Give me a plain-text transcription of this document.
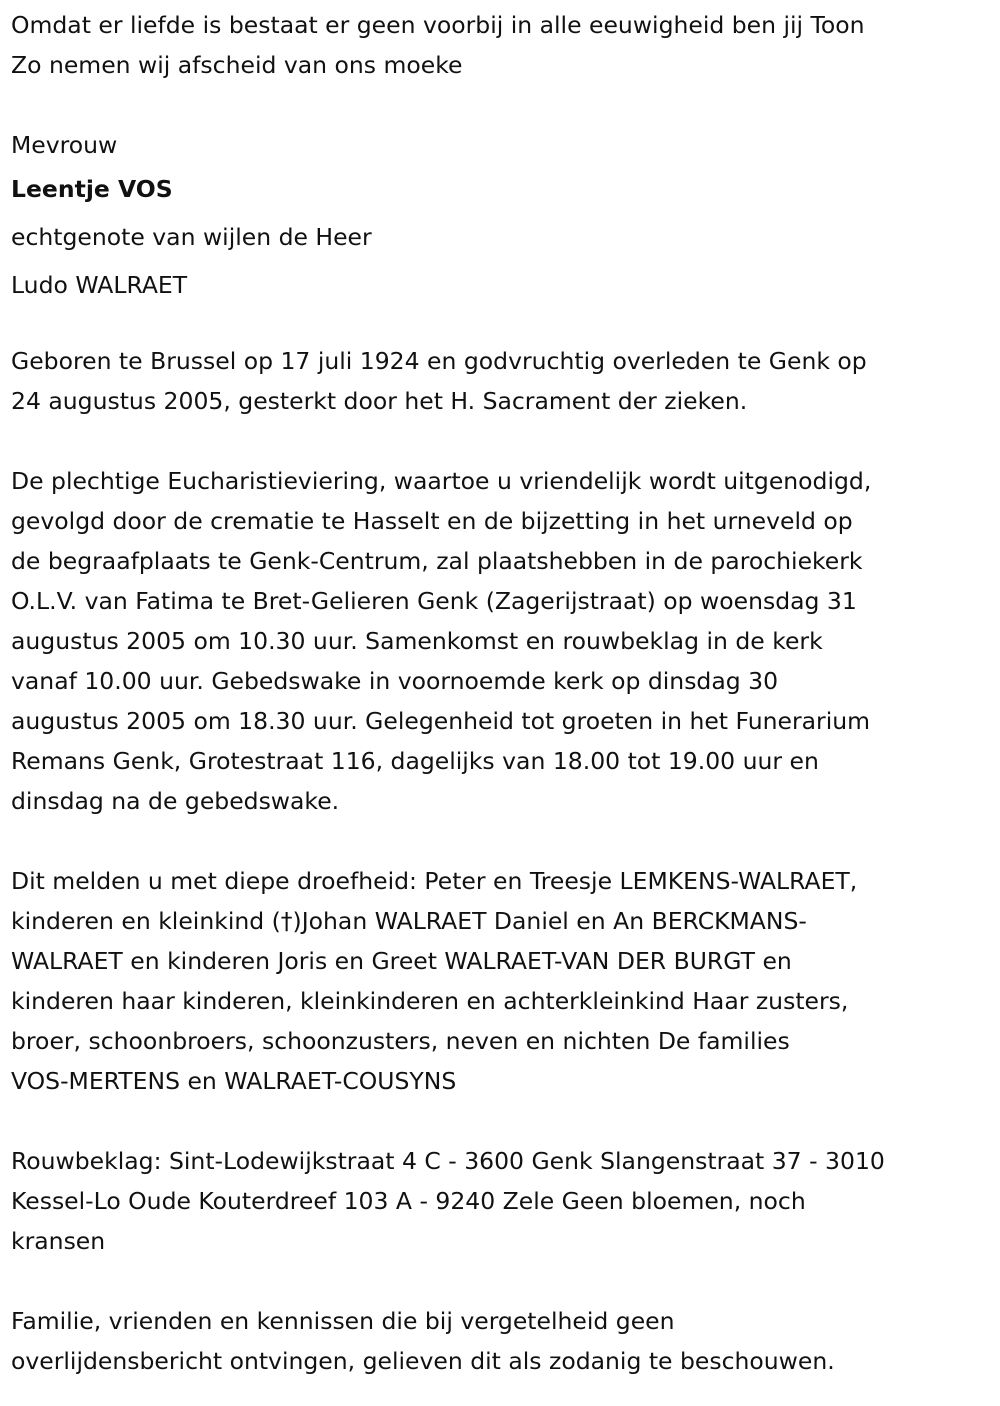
Omdat er liefde is bestaat er geen voorbij in alle eeuwigheid ben jij Toon
Zo nemen wij afscheid van ons moeke
Mevrouw
Leentje VOS
echtgenote van wijlen de Heer
Ludo WALRAET
Geboren te Brussel op 17 juli 1924 en godvruchtig overleden te Genk op
24 augustus 2005, gesterkt door het H. Sacrament der zieken.
De plechtige Eucharistieviering, waartoe u vriendelijk wordt uitgenodigd,
gevolgd door de crematie te Hasselt en de bijzetting in het urneveld op
de begraafplaats te Genk-Centrum, zal plaatshebben in de parochiekerk
O.L.V. van Fatima te Bret-Gelieren Genk (Zagerijstraat) op woensdag 31
augustus 2005 om 10.30 uur. Samenkomst en rouwbeklag in de kerk
vanaf 10.00 uur. Gebedswake in voornoemde kerk op dinsdag 30
augustus 2005 om 18.30 uur. Gelegenheid tot groeten in het Funerarium
Remans Genk, Grotestraat 116, dagelijks van 18.00 tot 19.00 uur en
dinsdag na de gebedswake.
Dit melden u met diepe droefheid: Peter en Treesje LEMKENS-WALRAET,
kinderen en kleinkind (†)Johan WALRAET Daniel en An BERCKMANS-
WALRAET en kinderen Joris en Greet WALRAET-VAN DER BURGT en
kinderen haar kinderen, kleinkinderen en achterkleinkind Haar zusters,
broer, schoonbroers, schoonzusters, neven en nichten De families
VOS-MERTENS en WALRAET-COUSYNS
Rouwbeklag: Sint-Lodewijkstraat 4 C - 3600 Genk Slangenstraat 37 - 3010
Kessel-Lo Oude Kouterdreef 103 A - 9240 Zele Geen bloemen, noch
kransen
Familie, vrienden en kennissen die bij vergetelheid geen
overlijdensbericht ontvingen, gelieven dit als zodanig te beschouwen.
